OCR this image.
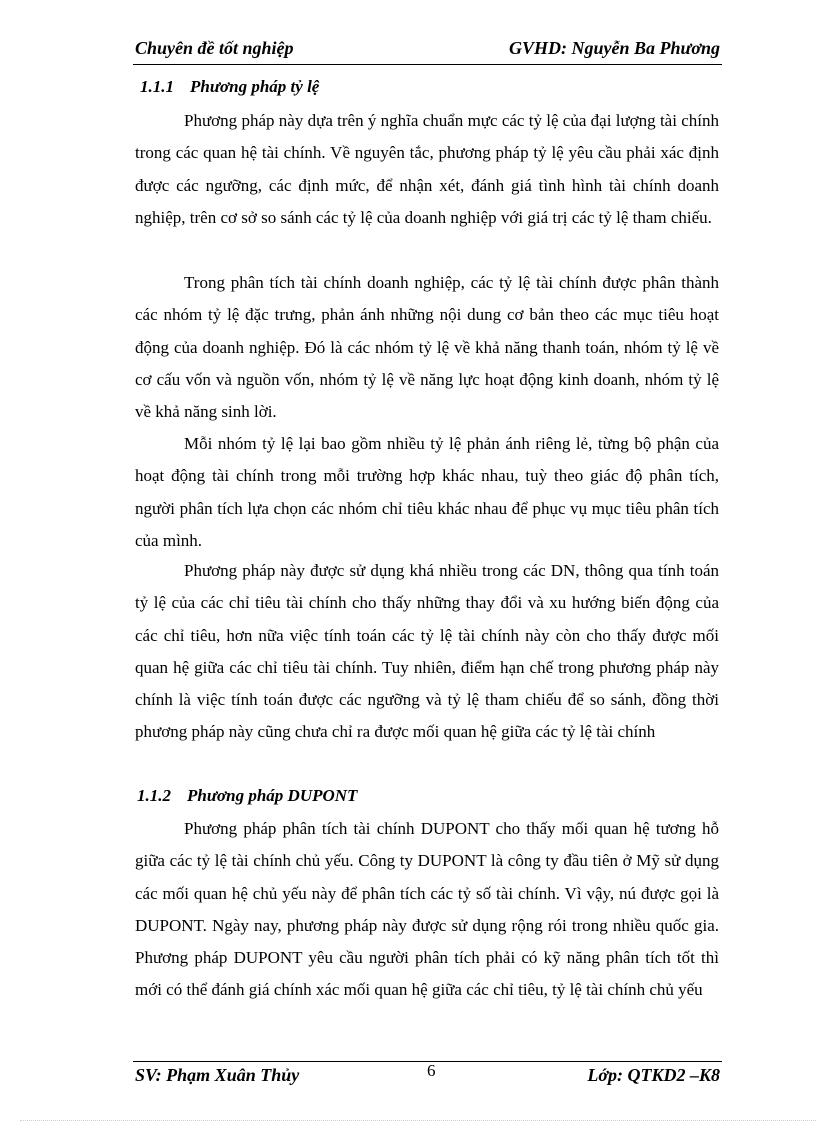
Chuyên đề tốt nghiệp	GVHD: Nguyễn Ba Phương
1.1.1 Phương pháp tỷ lệ

Phương pháp này dựa trên ý nghĩa chuẩn mực các tỷ lệ của đại lượng tài chính trong các quan hệ tài chính. Về nguyên tắc, phương pháp tỷ lệ yêu cầu phải xác định được các ngưỡng, các định mức, để nhận xét, đánh giá tình hình tài chính doanh nghiệp, trên cơ sở so sánh các tỷ lệ của doanh nghiệp với giá trị các tỷ lệ tham chiếu.

Trong phân tích tài chính doanh nghiệp, các tỷ lệ tài chính được phân thành các nhóm tỷ lệ đặc trưng, phản ánh những nội dung cơ bản theo các mục tiêu hoạt động của doanh nghiệp. Đó là các nhóm tỷ lệ về khả năng thanh toán, nhóm tỷ lệ về cơ cấu vốn và nguồn vốn, nhóm tỷ lệ về năng lực hoạt động kinh doanh, nhóm tỷ lệ về khả năng sinh lời.

Mỗi nhóm tỷ lệ lại bao gồm nhiều tỷ lệ phản ánh riêng lẻ, từng bộ phận của hoạt động tài chính trong mỗi trường hợp khác nhau, tuỳ theo giác độ phân tích, người phân tích lựa chọn các nhóm chỉ tiêu khác nhau để phục vụ mục tiêu phân tích của mình.

Phương pháp này được sử dụng khá nhiều trong các DN, thông qua tính toán tỷ lệ của các chỉ tiêu tài chính cho thấy những thay đổi và xu hướng biến động của các chỉ tiêu, hơn nữa việc tính toán các tỷ lệ tài chính này còn cho thấy được mối quan hệ giữa các chỉ tiêu tài chính. Tuy nhiên, điểm hạn chế trong phương pháp này chính là việc tính toán được các ngưỡng và tỷ lệ tham chiếu để so sánh, đồng thời phương pháp này cũng chưa chỉ ra được mối quan hệ giữa các tỷ lệ tài chính

1.1.2 Phương pháp DUPONT

Phương pháp phân tích tài chính DUPONT cho thấy mối quan hệ tương hỗ giữa các tỷ lệ tài chính chủ yếu. Công ty DUPONT là công ty đầu tiên ở Mỹ sử dụng các mối quan hệ chủ yếu này để phân tích các tỷ số tài chính. Vì vậy, nú được gọi là DUPONT. Ngày nay, phương pháp này được sử dụng rộng rói trong nhiều quốc gia. Phương pháp DUPONT yêu cầu người phân tích phải có kỹ năng phân tích tốt thì mới có thể đánh giá chính xác mối quan hệ giữa các chỉ tiêu, tỷ lệ tài chính chủ yếu

SV: Phạm Xuân Thủy	6	Lớp: QTKD2 –K8
